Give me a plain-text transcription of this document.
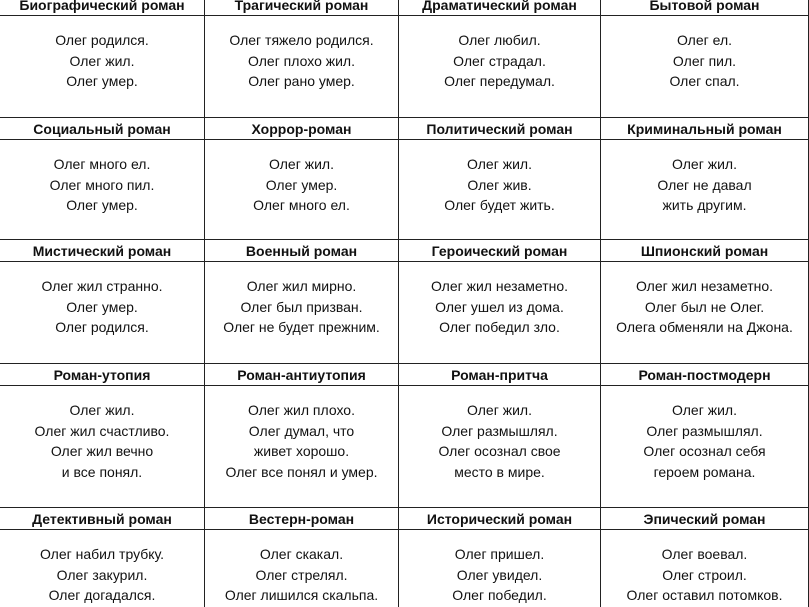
Биографический роман
Олег родился.
Олег жил.
Олег умер.
Трагический роман
Олег тяжело родился.
Олег плохо жил.
Олег рано умер.
Драматический роман
Олег любил.
Олег страдал.
Олег передумал.
Бытовой роман
Олег ел.
Олег пил.
Олег спал.
Социальный роман
Олег много ел.
Олег много пил.
Олег умер.
Хоррор-роман
Олег жил.
Олег умер.
Олег много ел.
Политический роман
Олег жил.
Олег жив.
Олег будет жить.
Криминальный роман
Олег жил.
Олег не давал
жить другим.
Мистический роман
Олег жил странно.
Олег умер.
Олег родился.
Военный роман
Олег жил мирно.
Олег был призван.
Олег не будет прежним.
Героический роман
Олег жил незаметно.
Олег ушел из дома.
Олег победил зло.
Шпионский роман
Олег жил незаметно.
Олег был не Олег.
Олега обменяли на Джона.
Роман-утопия
Олег жил.
Олег жил счастливо.
Олег жил вечно
и все понял.
Роман-антиутопия
Олег жил плохо.
Олег думал, что
живет хорошо.
Олег все понял и умер.
Роман-притча
Олег жил.
Олег размышлял.
Олег осознал свое
место в мире.
Роман-постмодерн
Олег жил.
Олег размышлял.
Олег осознал себя
героем романа.
Детективный роман
Олег набил трубку.
Олег закурил.
Олег догадался.
Вестерн-роман
Олег скакал.
Олег стрелял.
Олег лишился скальпа.
Исторический роман
Олег пришел.
Олег увидел.
Олег победил.
Эпический роман
Олег воевал.
Олег строил.
Олег оставил потомков.
